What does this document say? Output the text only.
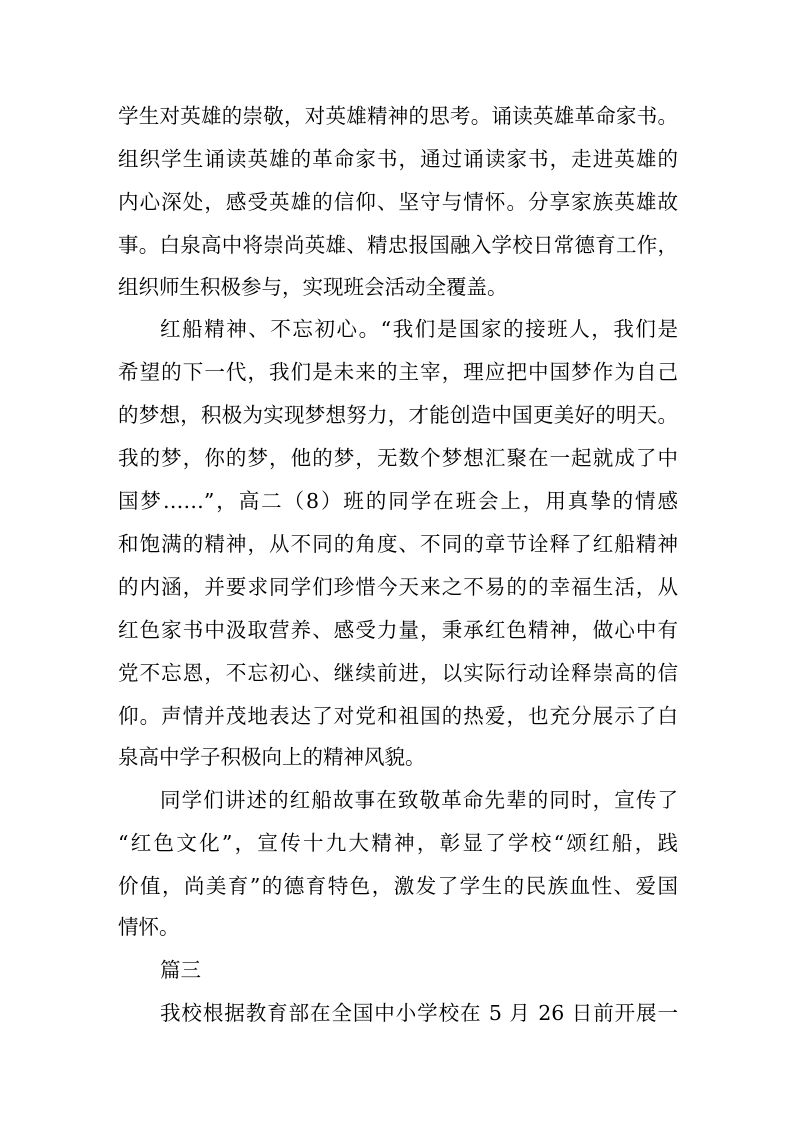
学生对英雄的崇敬，对英雄精神的思考。诵读英雄革命家书。
组织学生诵读英雄的革命家书，通过诵读家书，走进英雄的
内心深处，感受英雄的信仰、坚守与情怀。分享家族英雄故
事。白泉高中将崇尚英雄、精忠报国融入学校日常德育工作，
组织师生积极参与，实现班会活动全覆盖。
红船精神、不忘初心。“我们是国家的接班人，我们是
希望的下一代，我们是未来的主宰，理应把中国梦作为自己
的梦想，积极为实现梦想努力，才能创造中国更美好的明天。
我的梦，你的梦，他的梦，无数个梦想汇聚在一起就成了中
国梦……”，高二（8）班的同学在班会上，用真挚的情感
和饱满的精神，从不同的角度、不同的章节诠释了红船精神
的内涵，并要求同学们珍惜今天来之不易的的幸福生活，从
红色家书中汲取营养、感受力量，秉承红色精神，做心中有
党不忘恩，不忘初心、继续前进，以实际行动诠释崇高的信
仰。声情并茂地表达了对党和祖国的热爱，也充分展示了白
泉高中学子积极向上的精神风貌。
同学们讲述的红船故事在致敬革命先辈的同时，宣传了
“红色文化”，宣传十九大精神，彰显了学校“颂红船，践
价值，尚美育”的德育特色，激发了学生的民族血性、爱国
情怀。
篇三
我校根据教育部在全国中小学校在 5 月 26 日前开展一
